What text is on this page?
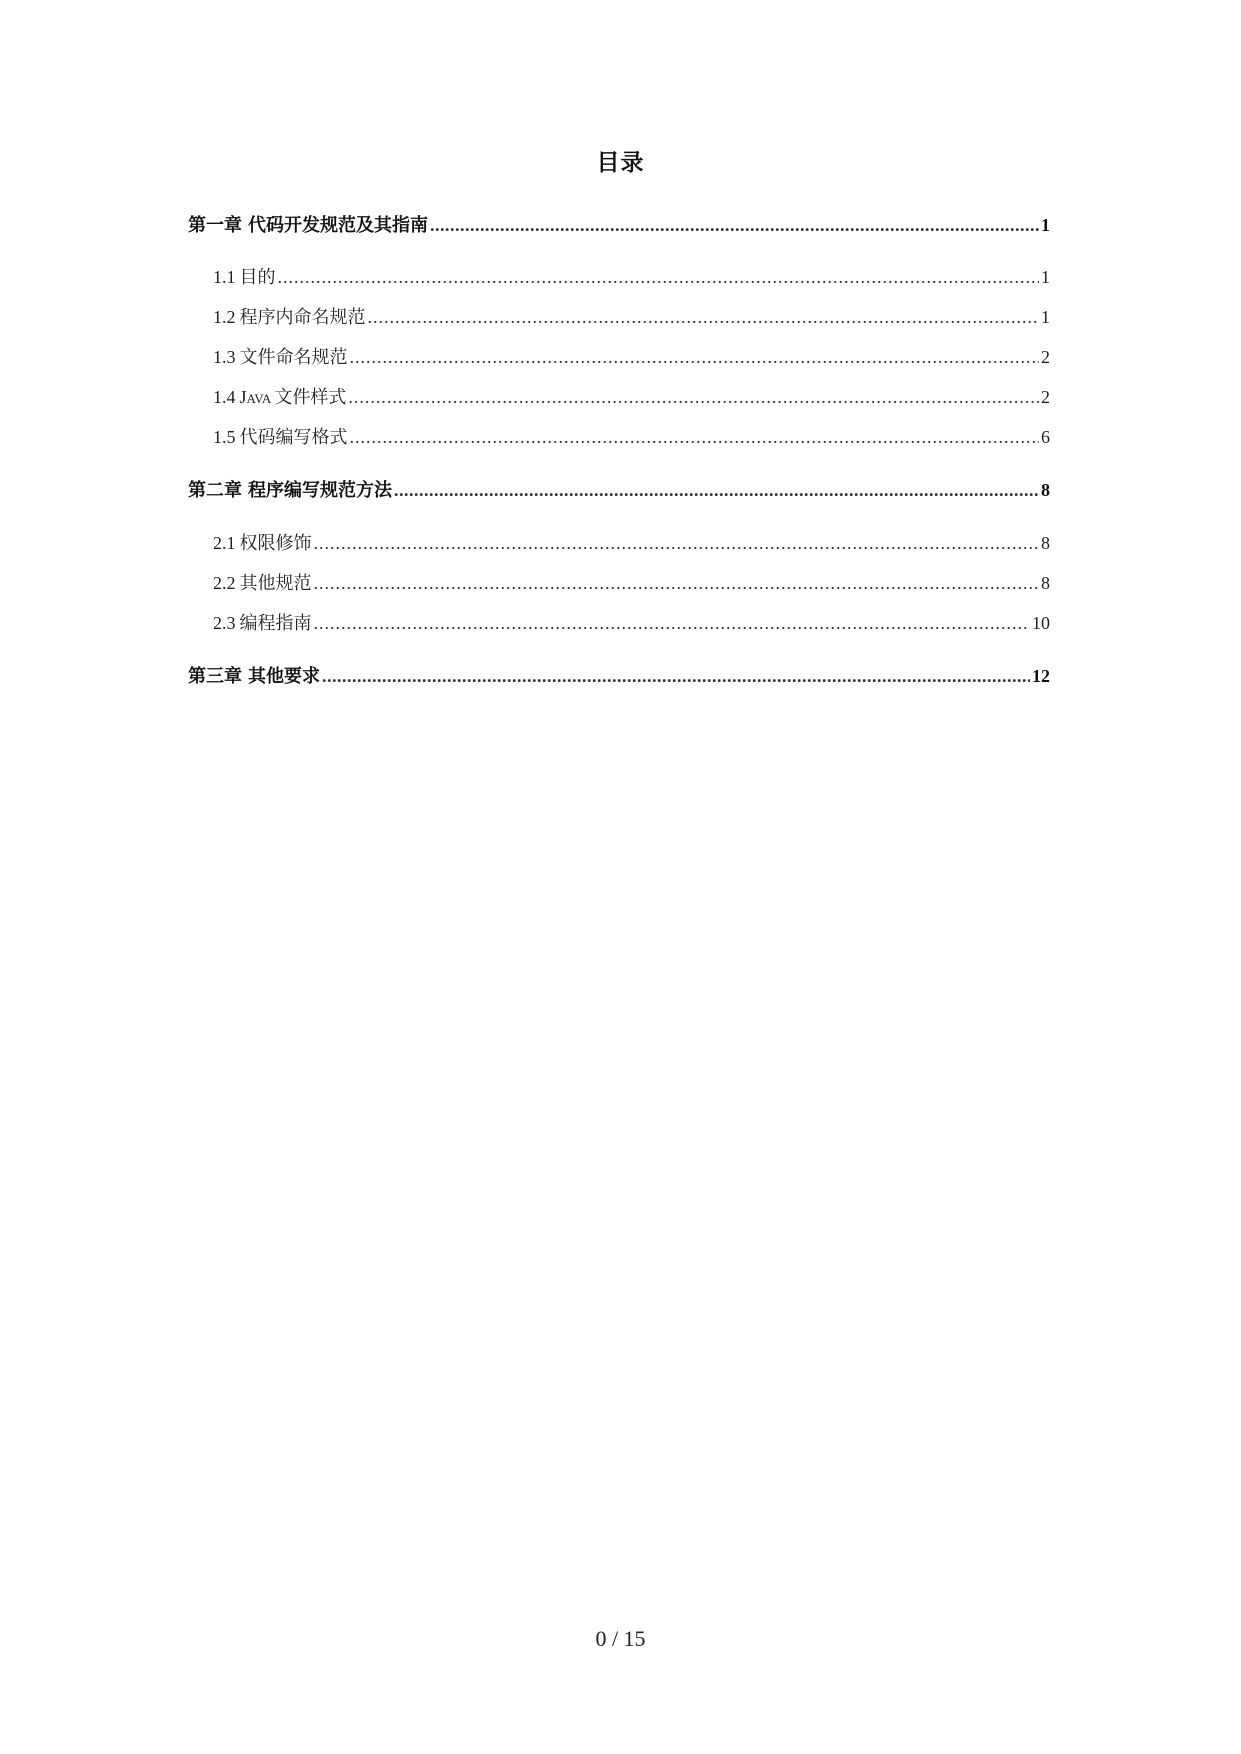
目录
第一章 代码开发规范及其指南 .....	1
1.1 目的 .....	1
1.2 程序内命名规范 .....	1
1.3 文件命名规范 .....	2
1.4 Java 文件样式 .....	2
1.5 代码编写格式 .....	6
第二章 程序编写规范方法 .....	8
2.1 权限修饰 .....	8
2.2 其他规范 .....	8
2.3 编程指南 .....	10
第三章 其他要求 .....	12
0 / 15
